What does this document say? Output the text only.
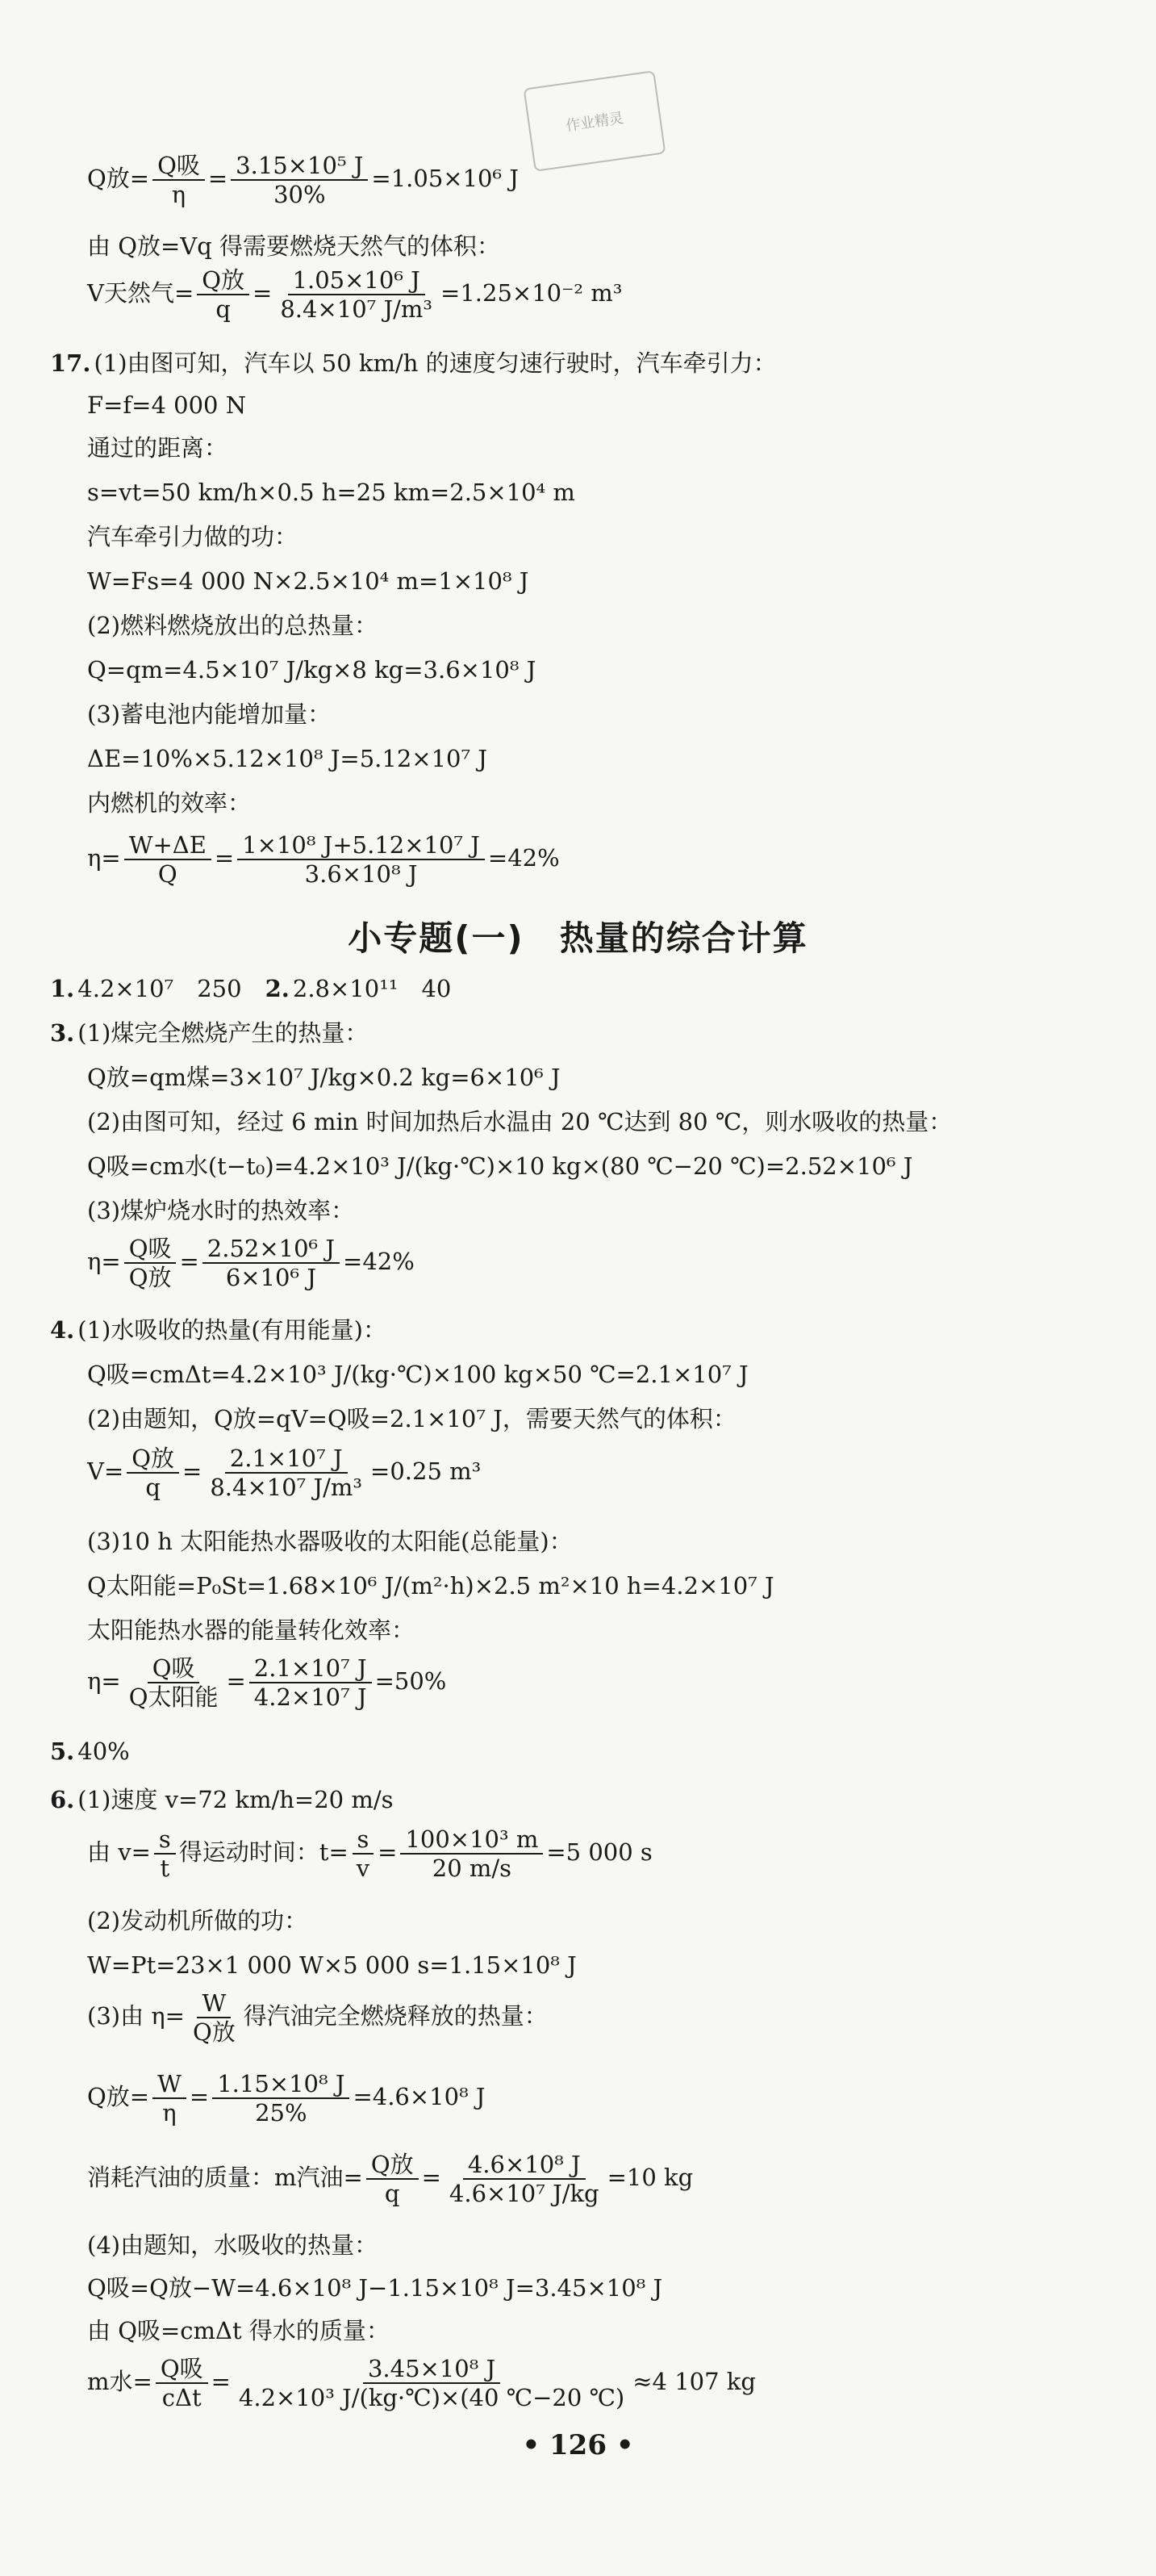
作业精灵
Q放= $\frac{\text{Q吸}}{\eta} = \frac{\text{3.15×10⁵ J}}{30\%} =1.05\times 10^6$ J
由 Q放=Vq 得需要燃烧天然气的体积：
V天然气= $\frac{\text{Q放}}{q} = \frac{\text{1.05×10⁶ J}}{\text{8.4×10⁷ J/m³}} =1.25\times 10^{-2}$ m³
17. (1)由图可知，汽车以 50 km/h 的速度匀速行驶时，汽车牵引力：
F=f=4 000 N
通过的距离：
s=vt=50 km/h×0.5 h=25 km=2.5×10⁴ m
汽车牵引力做的功：
W=Fs=4 000 N×2.5×10⁴ m=1×10⁸ J
(2)燃料燃烧放出的总热量：
Q=qm=4.5×10⁷ J/kg×8 kg=3.6×10⁸ J
(3)蓄电池内能增加量：
ΔE=10%×5.12×10⁸ J=5.12×10⁷ J
内燃机的效率：
$\eta= \frac{W+\Delta E}{Q} = \frac{\text{1×10⁸ J+5.12×10⁷ J}}{\text{3.6×10⁸ J}} =42\%$
小专题(一)　热量的综合计算
1. 4.2×10⁷　250　2. 2.8×10¹¹　40
3. (1)煤完全燃烧产生的热量：
Q放=qm煤=3×10⁷ J/kg×0.2 kg=6×10⁶ J
(2)由图可知，经过 6 min 时间加热后水温由 20 ℃达到 80 ℃，则水吸收的热量：
Q吸=cm水(t−t₀)=4.2×10³ J/(kg·℃)×10 kg×(80 ℃−20 ℃)=2.52×10⁶ J
(3)煤炉烧水时的热效率：
$\eta= \frac{\text{Q吸}}{\text{Q放}} = \frac{\text{2.52×10⁶ J}}{\text{6×10⁶ J}} =42\%$
4. (1)水吸收的热量(有用能量)：
Q吸=cmΔt=4.2×10³ J/(kg·℃)×100 kg×50 ℃=2.1×10⁷ J
(2)由题知，Q放=qV=Q吸=2.1×10⁷ J，需要天然气的体积：
$V= \frac{\text{Q放}}{q} = \frac{\text{2.1×10⁷ J}}{\text{8.4×10⁷ J/m³}} =0.25$ m³
(3)10 h 太阳能热水器吸收的太阳能(总能量)：
Q太阳能=P₀St=1.68×10⁶ J/(m²·h)×2.5 m²×10 h=4.2×10⁷ J
太阳能热水器的能量转化效率：
$\eta= \frac{\text{Q吸}}{\text{Q太阳能}} = \frac{\text{2.1×10⁷ J}}{\text{4.2×10⁷ J}} =50\%$
5. 40%
6. (1)速度 v=72 km/h=20 m/s
由 $v= \frac{s}{t}$ 得运动时间：$t= \frac{s}{v} = \frac{\text{100×10³ m}}{20 m/s} =5$ 000 s
(2)发动机所做的功：
W=Pt=23×1 000 W×5 000 s=1.15×10⁸ J
(3)由 $\eta= \frac{W}{\text{Q放}}$ 得汽油完全燃烧释放的热量：
Q放= $\frac{W}{\eta} = \frac{\text{1.15×10⁸ J}}{25\%} =4.6\times 10^8$ J
消耗汽油的质量：m汽油= $\frac{\text{Q放}}{q} = \frac{\text{4.6×10⁸ J}}{\text{4.6×10⁷ J/kg}} =10$ kg
(4)由题知，水吸收的热量：
Q吸=Q放−W=4.6×10⁸ J−1.15×10⁸ J=3.45×10⁸ J
由 Q吸=cmΔt 得水的质量：
m水= $\frac{\text{Q吸}}{\text{cΔt}} = \frac{\text{3.45×10⁸ J}}{\text{4.2×10³ J/(kg·℃)×(40 ℃−20 ℃)}} \approx 4$ 107 kg
• 126 •
